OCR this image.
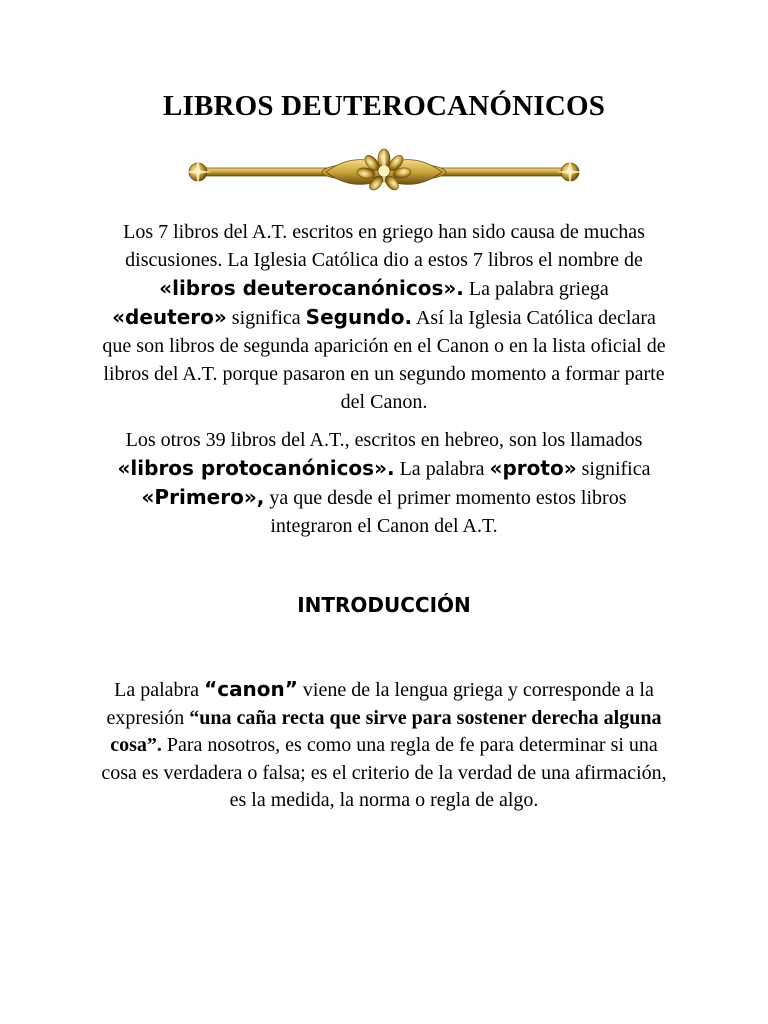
LIBROS DEUTEROCANÓNICOS
Los 7 libros del A.T. escritos en griego han sido causa de muchas discusiones. La Iglesia Católica dio a estos 7 libros el nombre de «libros deuterocanónicos». La palabra griega «deutero» significa Segundo. Así la Iglesia Católica declara que son libros de segunda aparición en el Canon o en la lista oficial de libros del A.T. porque pasaron en un segundo momento a formar parte del Canon.
Los otros 39 libros del A.T., escritos en hebreo, son los llamados «libros protocanónicos». La palabra «proto» significa «Primero», ya que desde el primer momento estos libros integraron el Canon del A.T.
INTRODUCCIÓN
La palabra “canon” viene de la lengua griega y corresponde a la expresión “una caña recta que sirve para sostener derecha alguna cosa”. Para nosotros, es como una regla de fe para determinar si una cosa es verdadera o falsa; es el criterio de la verdad de una afirmación, es la medida, la norma o regla de algo.
